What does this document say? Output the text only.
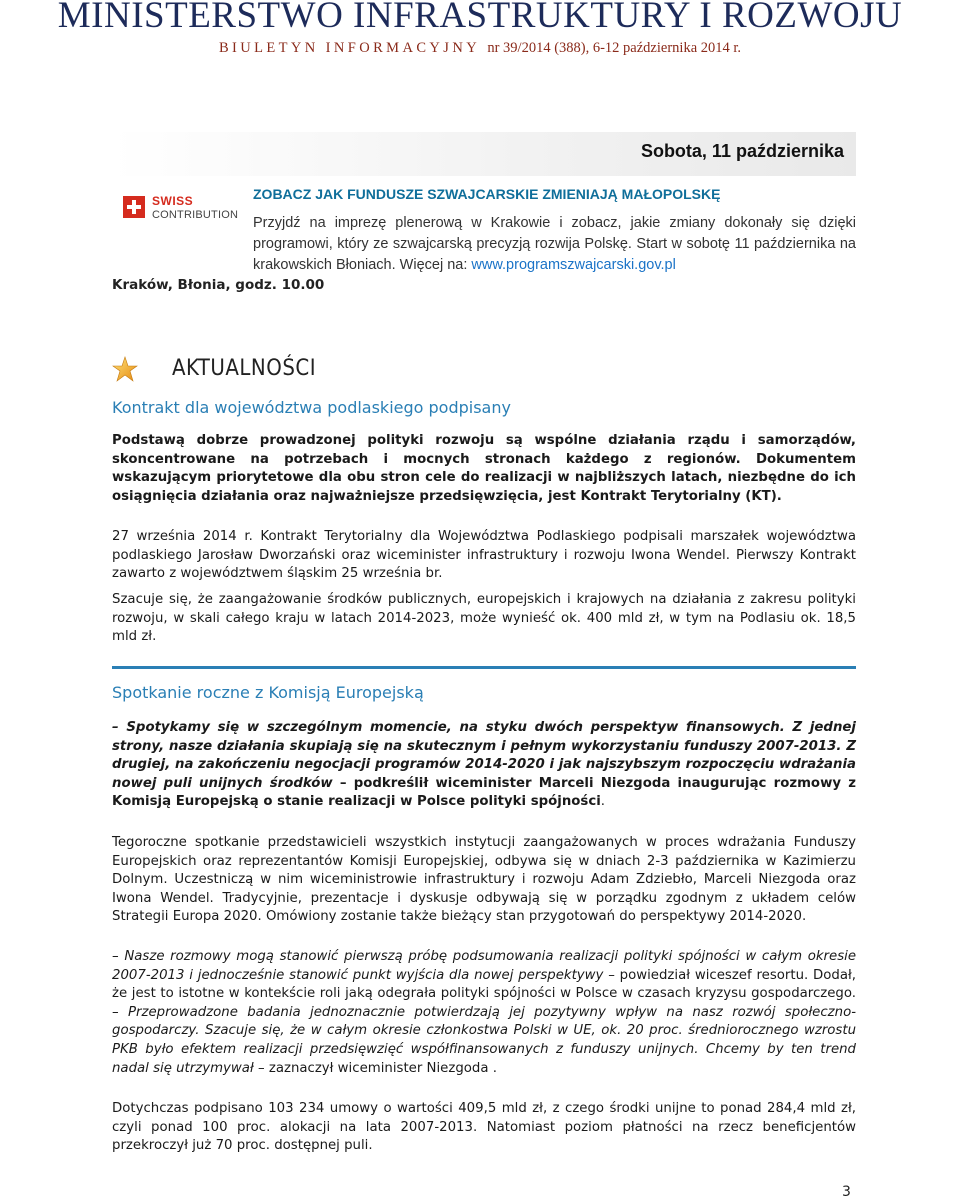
MINISTERSTWO INFRASTRUKTURY I ROZWOJU
BIULETYN INFORMACYJNY nr 39/2014 (388), 6-12 października 2014 r.
Sobota, 11 października
SWISS
CONTRIBUTION
ZOBACZ JAK FUNDUSZE SZWAJCARSKIE ZMIENIAJĄ MAŁOPOLSKĘ

Przyjdź na imprezę plenerową w Krakowie i zobacz, jakie zmiany dokonały się dzięki programowi, który ze szwajcarską precyzją rozwija Polskę. Start w sobotę 11 października na krakowskich Błoniach. Więcej na: www.programszwajcarski.gov.pl

Kraków, Błonia, godz. 10.00
AKTUALNOŚCI
Kontrakt dla województwa podlaskiego podpisany

Podstawą dobrze prowadzonej polityki rozwoju są wspólne działania rządu i samorządów, skoncentrowane na potrzebach i mocnych stronach każdego z regionów. Dokumentem wskazującym priorytetowe dla obu stron cele do realizacji w najbliższych latach, niezbędne do ich osiągnięcia działania oraz najważniejsze przedsięwzięcia, jest Kontrakt Terytorialny (KT).

27 września 2014 r. Kontrakt Terytorialny dla Województwa Podlaskiego podpisali marszałek województwa podlaskiego Jarosław Dworzański oraz wiceminister infrastruktury i rozwoju Iwona Wendel. Pierwszy Kontrakt zawarto z województwem śląskim 25 września br.

Szacuje się, że zaangażowanie środków publicznych, europejskich i krajowych na działania z zakresu polityki rozwoju, w skali całego kraju w latach 2014-2023, może wynieść ok. 400 mld zł, w tym na Podlasiu ok. 18,5 mld zł.

Spotkanie roczne z Komisją Europejską

– Spotykamy się w szczególnym momencie, na styku dwóch perspektyw finansowych. Z jednej strony, nasze działania skupiają się na skutecznym i pełnym wykorzystaniu funduszy 2007-2013. Z drugiej, na zakończeniu negocjacji programów 2014-2020 i jak najszybszym rozpoczęciu wdrażania nowej puli unijnych środków – podkreślił wiceminister Marceli Niezgoda inaugurując rozmowy z Komisją Europejską o stanie realizacji w Polsce polityki spójności.

Tegoroczne spotkanie przedstawicieli wszystkich instytucji zaangażowanych w proces wdrażania Funduszy Europejskich oraz reprezentantów Komisji Europejskiej, odbywa się w dniach 2-3 października w Kazimierzu Dolnym. Uczestniczą w nim wiceministrowie infrastruktury i rozwoju Adam Zdziebło, Marceli Niezgoda oraz Iwona Wendel. Tradycyjnie, prezentacje i dyskusje odbywają się w porządku zgodnym z układem celów Strategii Europa 2020. Omówiony zostanie także bieżący stan przygotowań do perspektywy 2014-2020.

– Nasze rozmowy mogą stanowić pierwszą próbę podsumowania realizacji polityki spójności w całym okresie 2007-2013 i jednocześnie stanowić punkt wyjścia dla nowej perspektywy – powiedział wiceszef resortu. Dodał, że jest to istotne w kontekście roli jaką odegrała polityki spójności w Polsce w czasach kryzysu gospodarczego. – Przeprowadzone badania jednoznacznie potwierdzają jej pozytywny wpływ na nasz rozwój społeczno-gospodarczy. Szacuje się, że w całym okresie członkostwa Polski w UE, ok. 20 proc. średniorocznego wzrostu PKB było efektem realizacji przedsięwzięć współfinansowanych z funduszy unijnych. Chcemy by ten trend nadal się utrzymywał – zaznaczył wiceminister Niezgoda .

Dotychczas podpisano 103 234 umowy o wartości 409,5 mld zł, z czego środki unijne to ponad 284,4 mld zł, czyli ponad 100 proc. alokacji na lata 2007-2013. Natomiast poziom płatności na rzecz beneficjentów przekroczył już 70 proc. dostępnej puli.

3
